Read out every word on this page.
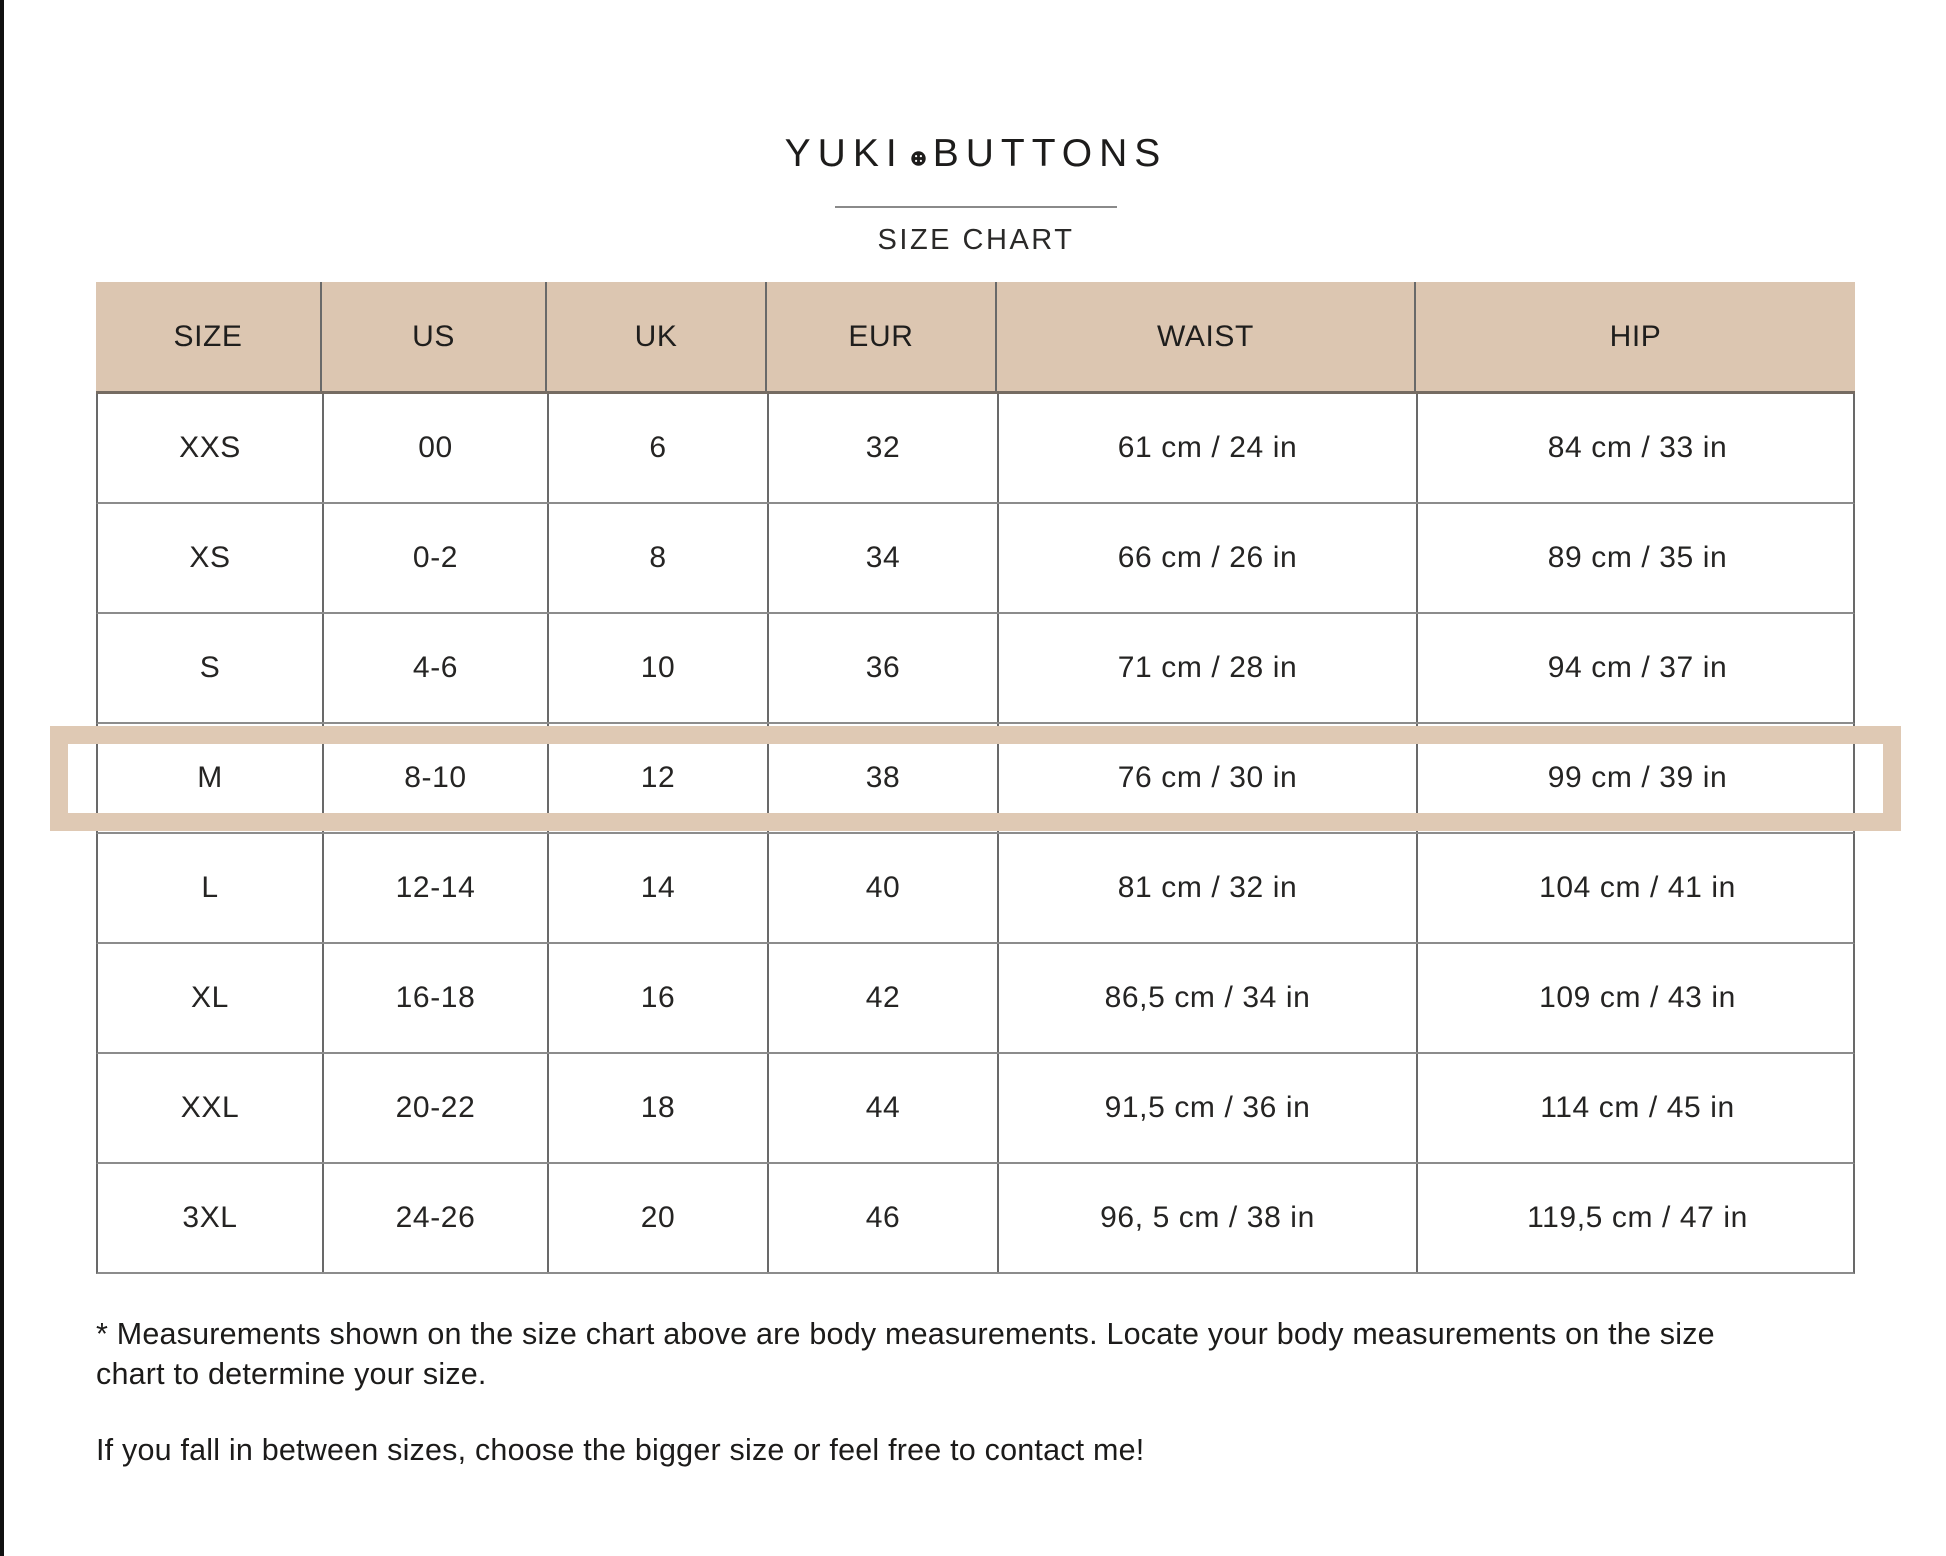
YUKI BUTTONS
SIZE CHART
SIZE	US	UK	EUR	WAIST	HIP
XXS	00	6	32	61 cm / 24 in	84 cm / 33 in
XS	0-2	8	34	66 cm / 26 in	89 cm / 35 in
S	4-6	10	36	71 cm / 28 in	94 cm / 37 in
M	8-10	12	38	76 cm / 30 in	99 cm / 39 in
L	12-14	14	40	81 cm / 32 in	104 cm / 41 in
XL	16-18	16	42	86,5 cm / 34 in	109 cm / 43 in
XXL	20-22	18	44	91,5 cm / 36 in	114 cm / 45 in
3XL	24-26	20	46	96, 5 cm / 38 in	119,5 cm / 47 in

* Measurements shown on the size chart above are body measurements. Locate your body measurements on the size chart to determine your size.

If you fall in between sizes, choose the bigger size or feel free to contact me!
